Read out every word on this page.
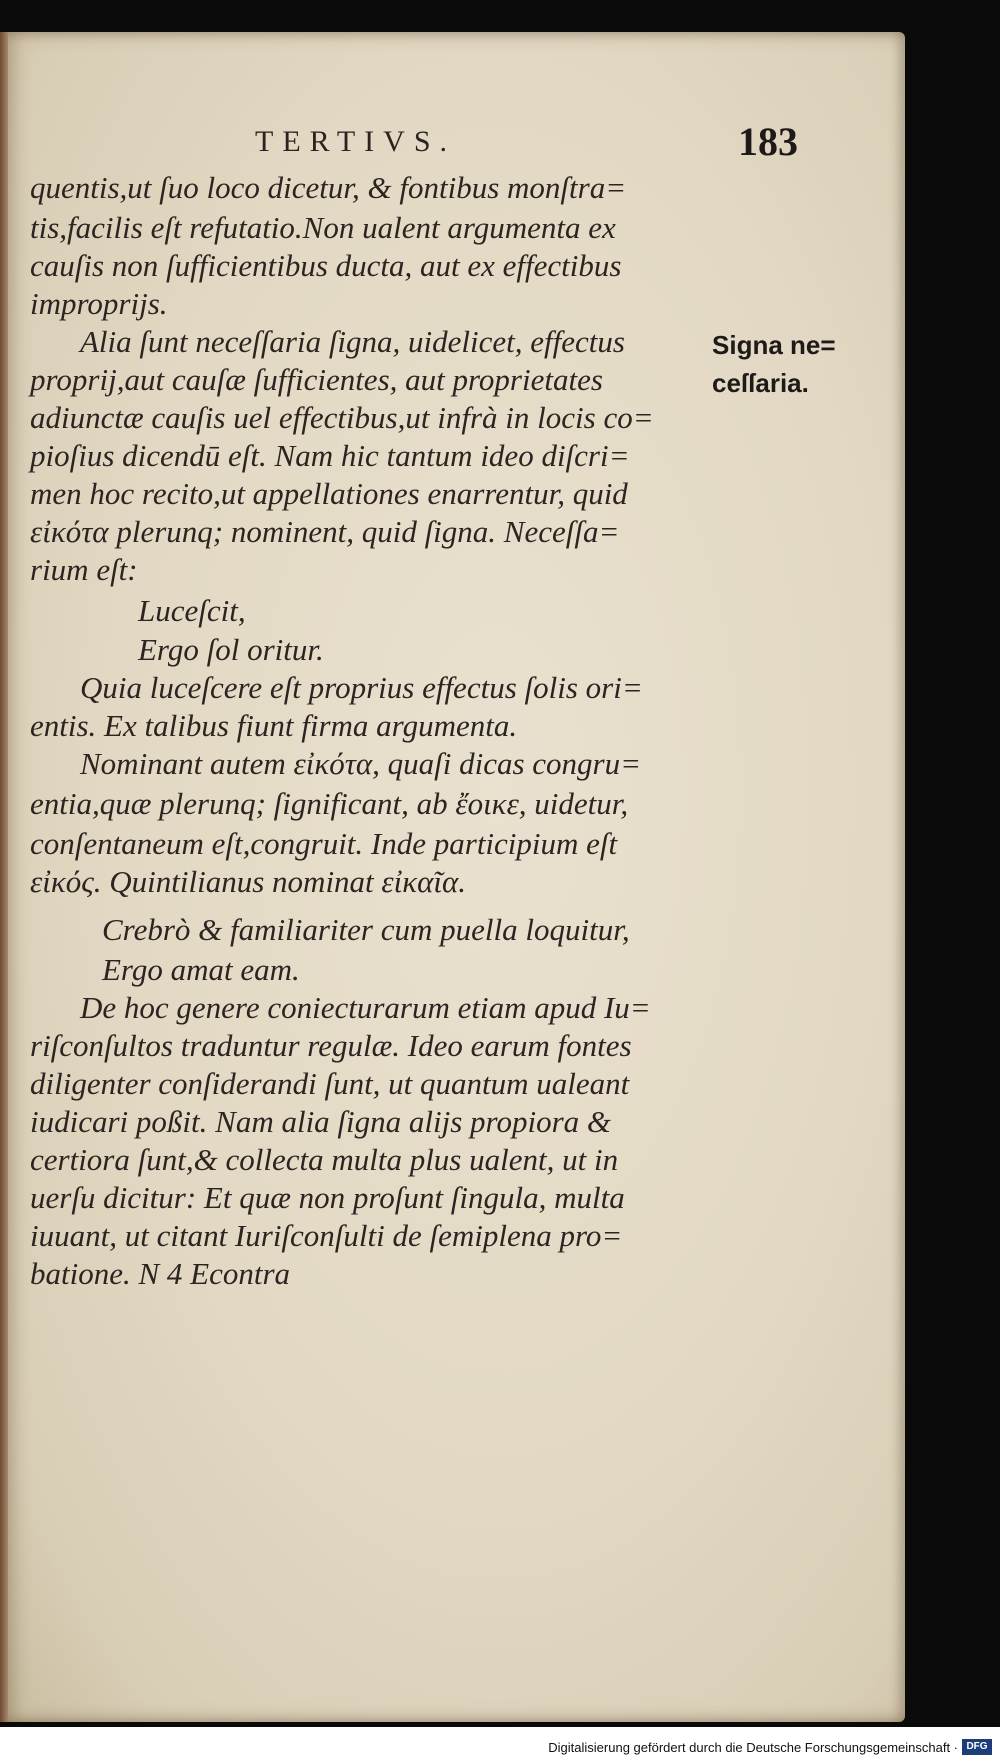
TERTIVS.	183
quentis,ut ſuo loco dicetur, & fontibus monſtra=
tis,facilis eſt refutatio.Non ualent argumenta ex
cauſis non ſufficientibus ducta, aut ex effectibus
improprijs.
Alia ſunt neceſſaria ſigna, uidelicet, effectus
proprij,aut cauſæ ſufficientes, aut proprietates
adiunctæ cauſis uel effectibus,ut infrà in locis co=
pioſius dicendū eſt. Nam hic tantum ideo diſcri=
men hoc recito,ut appellationes enarrentur, quid
εἰκότα plerunq; nominent, quid ſigna. Neceſſa=
rium eſt:
Luceſcit,
Ergo ſol oritur.
Quia luceſcere eſt proprius effectus ſolis ori=
entis. Ex talibus fiunt firma argumenta.
Nominant autem εἰκότα, quaſi dicas congru=
entia,quæ plerunq; ſignificant, ab ἔοικε, uidetur,
conſentaneum eſt,congruit. Inde participium eſt
εἰκός. Quintilianus nominat εἰκαῖα.
Crebrò & familiariter cum puella loquitur,
Ergo amat eam.
De hoc genere coniecturarum etiam apud Iu=
riſconſultos traduntur regulæ. Ideo earum fontes
diligenter conſiderandi ſunt, ut quantum ualeant
iudicari poßit. Nam alia ſigna alijs propiora &
certiora ſunt,& collecta multa plus ualent, ut in
uerſu dicitur: Et quæ non proſunt ſingula, multa
iuuant, ut citant Iuriſconſulti de ſemiplena pro=
batione. N 4 Econtra
Signa ne=
ceſſaria.
Digitalisierung gefördert durch die Deutsche Forschungsgemeinschaft · DFG
